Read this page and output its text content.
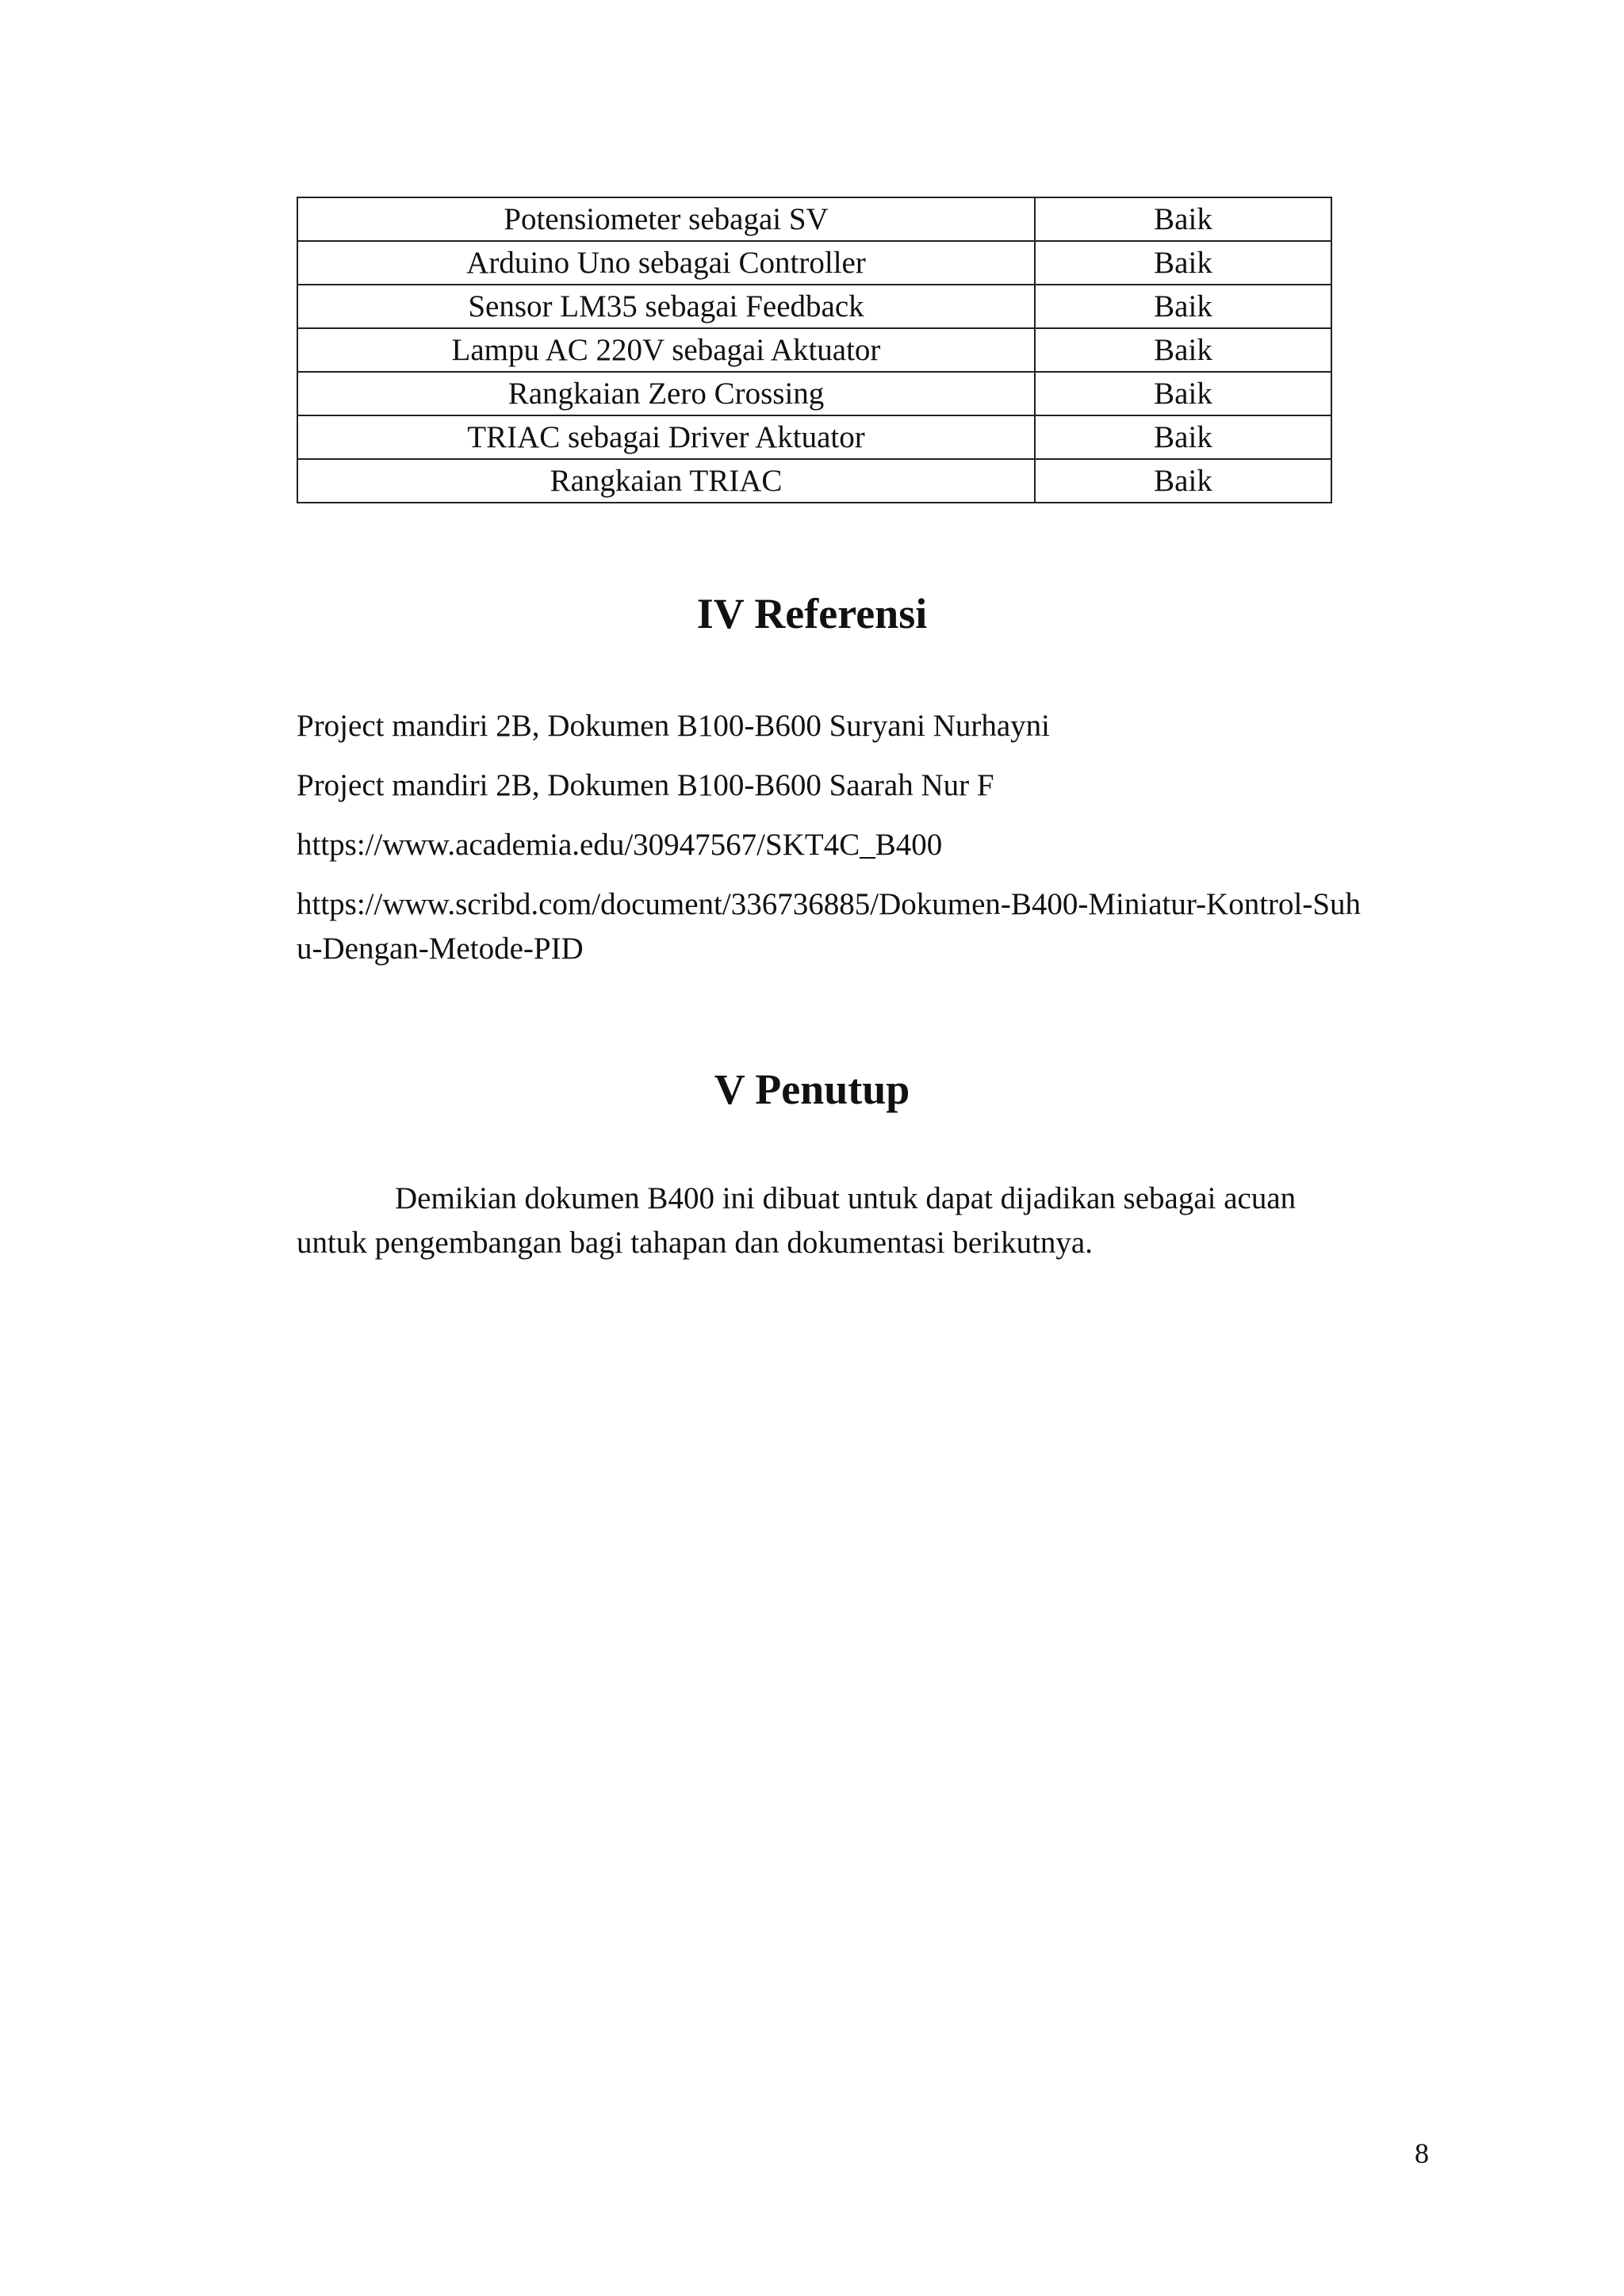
Potensiometer sebagai SV	Baik
Arduino Uno sebagai Controller	Baik
Sensor LM35 sebagai Feedback	Baik
Lampu AC 220V sebagai Aktuator	Baik
Rangkaian Zero Crossing	Baik
TRIAC sebagai Driver Aktuator	Baik
Rangkaian TRIAC	Baik
IV Referensi
Project mandiri 2B, Dokumen B100-B600 Suryani Nurhayni
Project mandiri 2B, Dokumen B100-B600 Saarah Nur F
https://www.academia.edu/30947567/SKT4C_B400
https://www.scribd.com/document/336736885/Dokumen-B400-Miniatur-Kontrol-Suhu-Dengan-Metode-PID
V Penutup

Demikian dokumen B400 ini dibuat untuk dapat dijadikan sebagai acuan untuk pengembangan bagi tahapan dan dokumentasi berikutnya.

8
